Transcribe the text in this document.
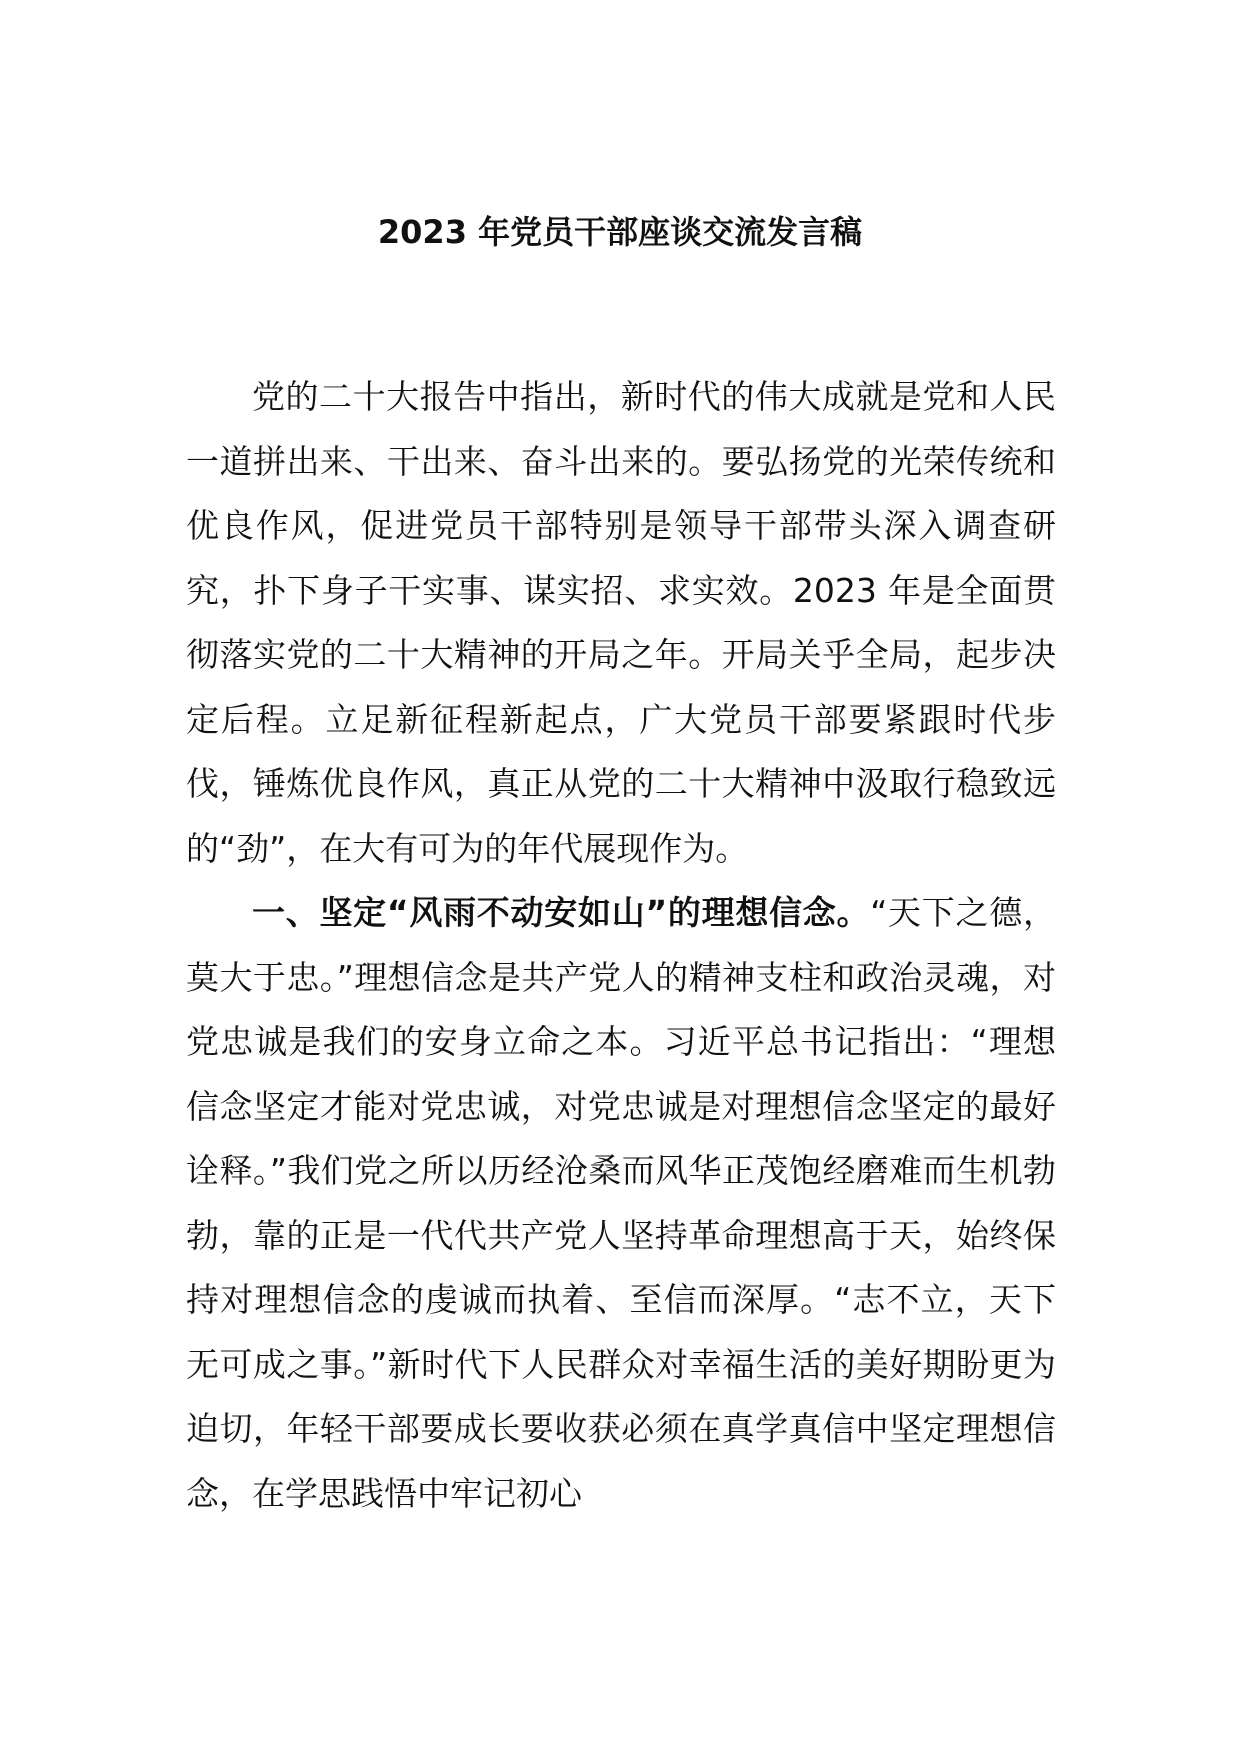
2023 年党员干部座谈交流发言稿

党的二十大报告中指出，新时代的伟大成就是党和人民一道拼出来、干出来、奋斗出来的。要弘扬党的光荣传统和优良作风，促进党员干部特别是领导干部带头深入调查研究，扑下身子干实事、谋实招、求实效。2023 年是全面贯彻落实党的二十大精神的开局之年。开局关乎全局，起步决定后程。立足新征程新起点，广大党员干部要紧跟时代步伐，锤炼优良作风，真正从党的二十大精神中汲取行稳致远的“劲”，在大有可为的年代展现作为。

一、坚定“风雨不动安如山”的理想信念。“天下之德，莫大于忠。”理想信念是共产党人的精神支柱和政治灵魂，对党忠诚是我们的安身立命之本。习近平总书记指出：“理想信念坚定才能对党忠诚，对党忠诚是对理想信念坚定的最好诠释。”我们党之所以历经沧桑而风华正茂饱经磨难而生机勃勃，靠的正是一代代共产党人坚持革命理想高于天，始终保持对理想信念的虔诚而执着、至信而深厚。“志不立，天下无可成之事。”新时代下人民群众对幸福生活的美好期盼更为迫切，年轻干部要成长要收获必须在真学真信中坚定理想信念，在学思践悟中牢记初心
